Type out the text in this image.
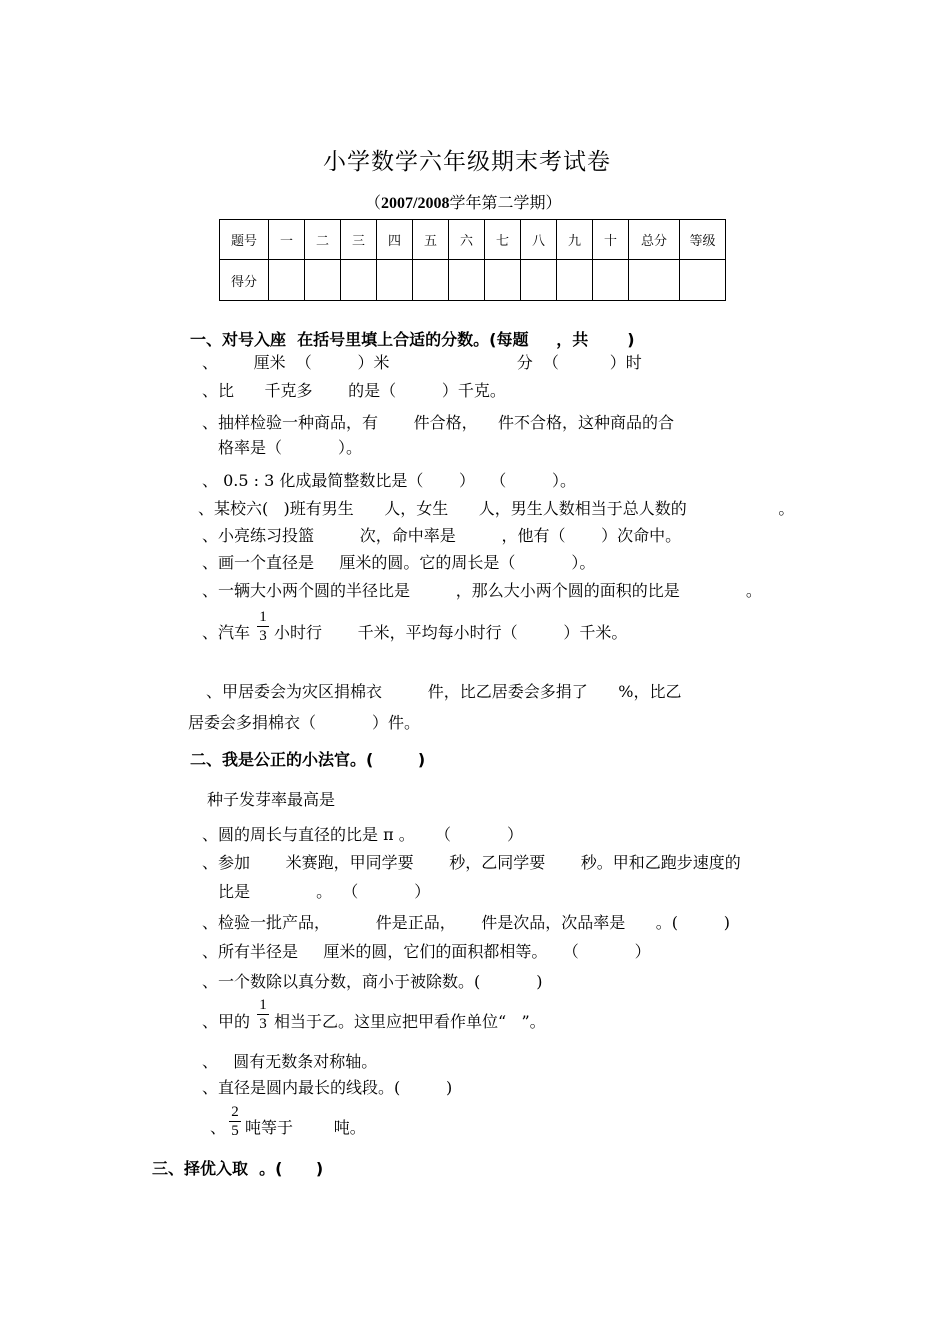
小学数学六年级期末考试卷
（2007/2008学年第二学期）
题号	一	二	三	四	五	六	七	八	九	十	总分	等级
得分												
一、对号入座  在括号里填上合适的分数。(每题     ，共       )
、       厘米  （         ）米                         分  （          ）时
、比      千克多       的是（         ）千克。
、抽样检验一种商品，有       件合格，    件不合格，这种商品的合
格率是（           ）。
、 0.5 : 3 化成最简整数比是（       ）   （         ）。
、某校六(   )班有男生      人，女生      人，男生人数相当于总人数的                  。
、小亮练习投篮         次，命中率是         ，他有（       ）次命中。
、画一个直径是     厘米的圆。它的周长是（           ）。
、一辆大小两个圆的半径比是         ，那么大小两个圆的面积的比是             。
、汽车
1
3 小时行       千米，平均每小时行（         ）千米。
、甲居委会为灾区捐棉衣         件，比乙居委会多捐了      %，比乙
居委会多捐棉衣（           ）件。
二、我是公正的小法官。(        )
种子发芽率最高是
、圆的周长与直径的比是 π 。    （           ）
、参加       米赛跑，甲同学要       秒，乙同学要       秒。甲和乙跑步速度的
比是             。  （           ）
、检验一批产品，         件是正品，     件是次品，次品率是      。(         )
、所有半径是     厘米的圆，它们的面积都相等。   （           ）
、一个数除以真分数，商小于被除数。(           )
、甲的
1
3 相当于乙。这里应把甲看作单位“   ”。
、   圆有无数条对称轴。
、直径是圆内最长的线段。(         )
、
2
5 吨等于        吨。
三、择优入取  。(      )
